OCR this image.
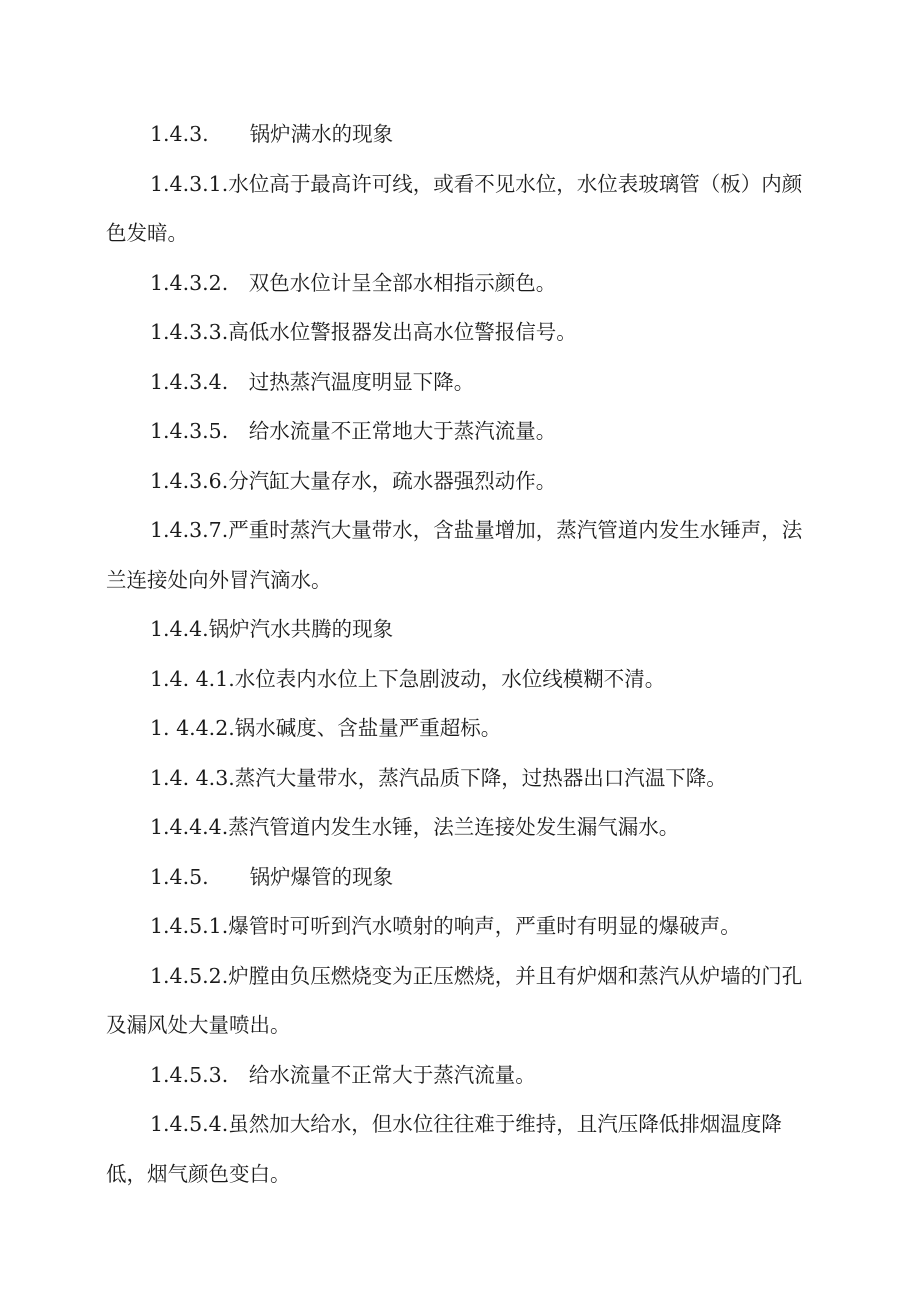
1.4.3.　　锅炉满水的现象

1.4.3.1.水位高于最高许可线，或看不见水位，水位表玻璃管（板）内颜色发暗。

1.4.3.2.　双色水位计呈全部水相指示颜色。

1.4.3.3.高低水位警报器发出高水位警报信号。

1.4.3.4.　过热蒸汽温度明显下降。

1.4.3.5.　给水流量不正常地大于蒸汽流量。

1.4.3.6.分汽缸大量存水，疏水器强烈动作。

1.4.3.7.严重时蒸汽大量带水，含盐量增加，蒸汽管道内发生水锤声，法兰连接处向外冒汽滴水。

1.4.4.锅炉汽水共腾的现象

1.4. 4.1.水位表内水位上下急剧波动，水位线模糊不清。

1. 4.4.2.锅水碱度、含盐量严重超标。

1.4. 4.3.蒸汽大量带水，蒸汽品质下降，过热器出口汽温下降。

1.4.4.4.蒸汽管道内发生水锤，法兰连接处发生漏气漏水。

1.4.5.　　锅炉爆管的现象

1.4.5.1.爆管时可听到汽水喷射的响声，严重时有明显的爆破声。

1.4.5.2.炉膛由负压燃烧变为正压燃烧，并且有炉烟和蒸汽从炉墙的门孔及漏风处大量喷出。

1.4.5.3.　给水流量不正常大于蒸汽流量。

1.4.5.4.虽然加大给水，但水位往往难于维持，且汽压降低排烟温度降低，烟气颜色变白。
